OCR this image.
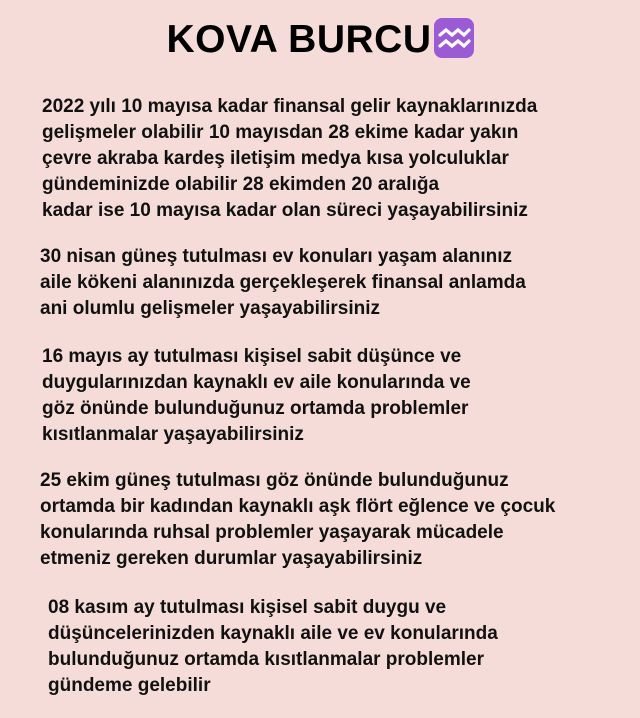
KOVA BURCU
2022 yılı 10 mayısa kadar finansal gelir kaynaklarınızda
gelişmeler olabilir 10 mayısdan 28 ekime kadar yakın
çevre akraba kardeş iletişim medya kısa yolculuklar
gündeminizde olabilir 28 ekimden 20 aralığa
kadar ise 10 mayısa kadar olan süreci yaşayabilirsiniz
30 nisan güneş tutulması ev konuları yaşam alanınız
aile kökeni alanınızda gerçekleşerek finansal anlamda
ani olumlu gelişmeler yaşayabilirsiniz
16 mayıs ay tutulması kişisel sabit düşünce ve
duygularınızdan kaynaklı ev aile konularında ve
göz önünde bulunduğunuz ortamda problemler
kısıtlanmalar yaşayabilirsiniz
25 ekim güneş tutulması göz önünde bulunduğunuz
ortamda bir kadından kaynaklı aşk flört eğlence ve çocuk
konularında ruhsal problemler yaşayarak mücadele
etmeniz gereken durumlar yaşayabilirsiniz
08 kasım ay tutulması kişisel sabit duygu ve
düşüncelerinizden kaynaklı aile ve ev konularında
bulunduğunuz ortamda kısıtlanmalar problemler
gündeme gelebilir
